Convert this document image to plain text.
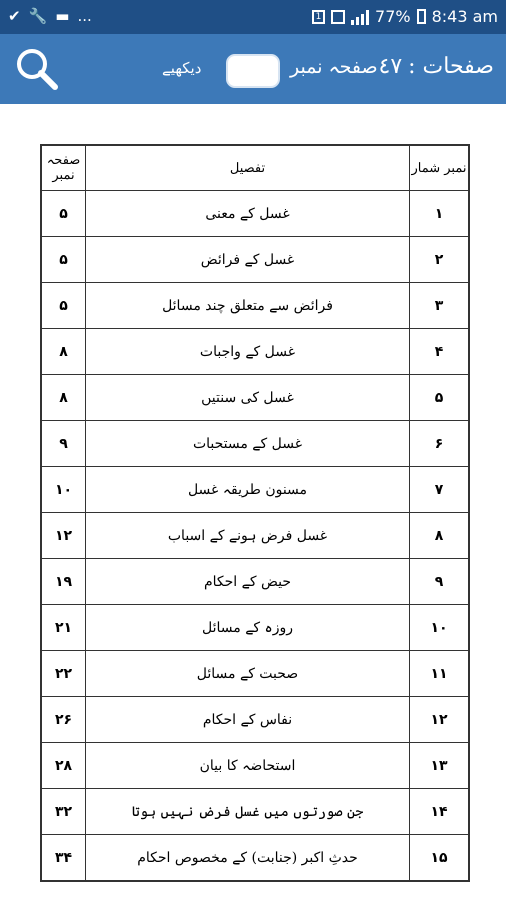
✔ 🔧 ▬ ...	1	77% 8:43 am
دیکھیے	صفحہ نمبر صفحات :
٤٧
صفحہ نمبر	تفصیل	نمبر شمار
۵	غسل کے معنی	۱
۵	غسل کے فرائض	۲
۵	فرائض سے متعلق چند مسائل	۳
۸	غسل کے واجبات	۴
۸	غسل کی سنتیں	۵
۹	غسل کے مستحبات	۶
۱۰	مسنون طریقہ غسل	۷
۱۲	غسل فرض ہونے کے اسباب	۸
۱۹	حیض کے احکام	۹
۲۱	روزہ کے مسائل	۱۰
۲۲	صحبت کے مسائل	۱۱
۲۶	نفاس کے احکام	۱۲
۲۸	استحاضہ کا بیان	۱۳
۳۲	جن صورتوں میں غسل فرض نہیں ہوتا	۱۴
۳۴	حدثِ اکبر (جنابت) کے مخصوص احکام	۱۵
